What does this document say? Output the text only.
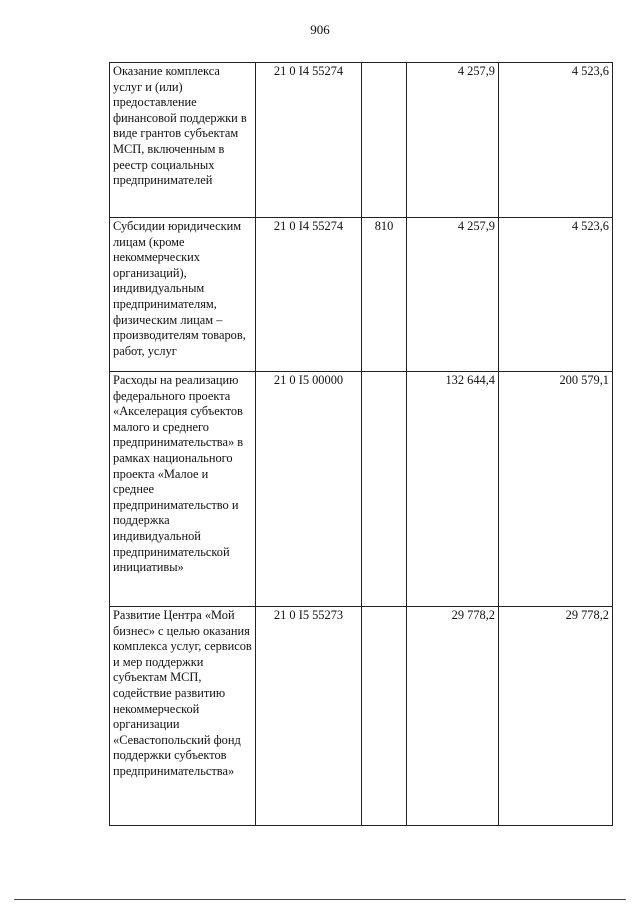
906
Оказание комплекса услуг и (или) предоставление финансовой поддержки в виде грантов субъектам МСП, включенным в реестр социальных предпринимателей	21 0 I4 55274		4 257,9	4 523,6
Субсидии юридическим лицам (кроме некоммерческих организаций), индивидуальным предпринимателям, физическим лицам – производителям товаров, работ, услуг	21 0 I4 55274	810	4 257,9	4 523,6
Расходы на реализацию федерального проекта «Акселерация субъектов малого и среднего предпринимательства» в рамках национального проекта «Малое и среднее предпринимательство и поддержка индивидуальной предпринимательской инициативы»	21 0 I5 00000		132 644,4	200 579,1
Развитие Центра «Мой бизнес» с целью оказания комплекса услуг, сервисов и мер поддержки субъектам МСП, содействие развитию некоммерческой организации «Севастопольский фонд поддержки субъектов предпринимательства»	21 0 I5 55273		29 778,2	29 778,2
